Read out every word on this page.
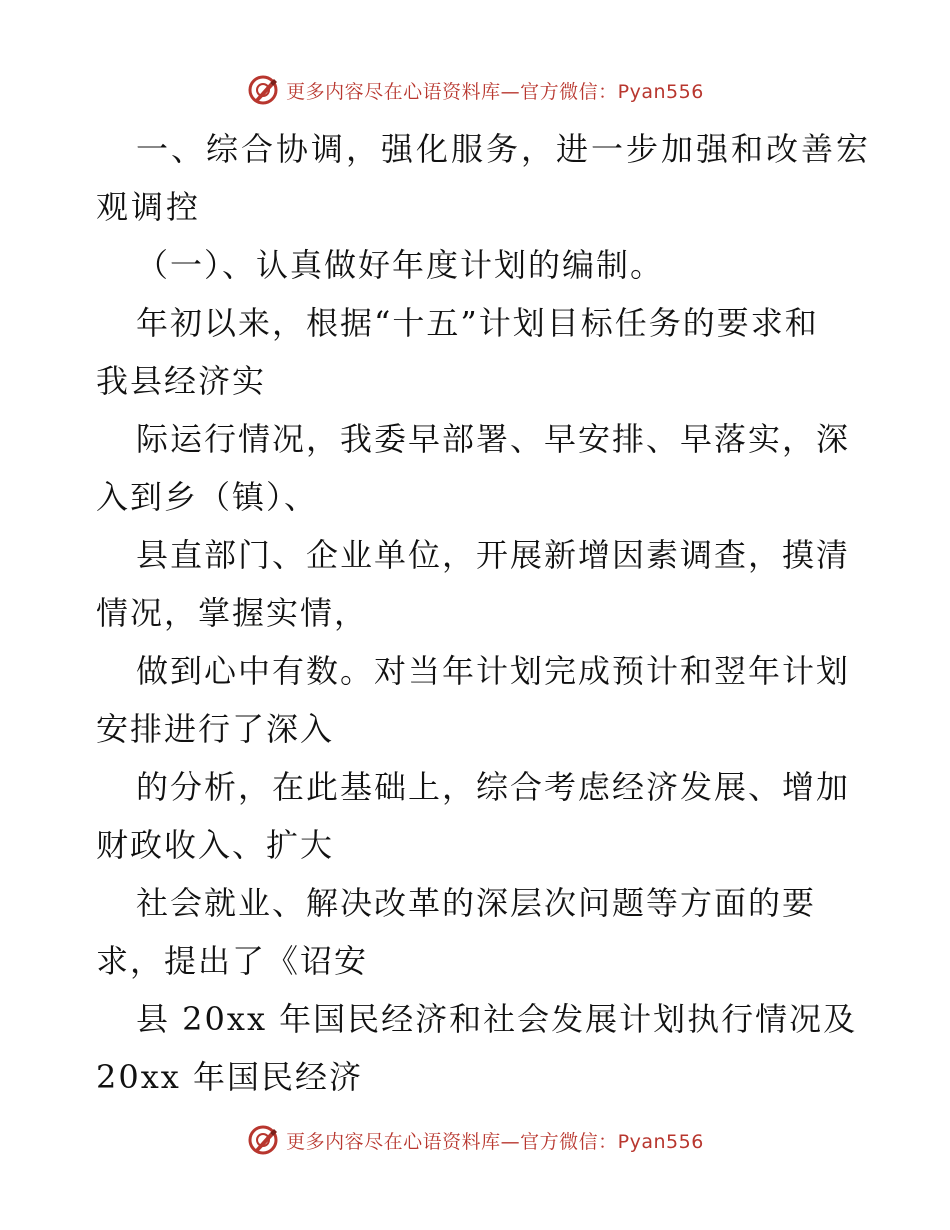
更多内容尽在心语资料库—官方微信：Pyan556
一、综合协调，强化服务，进一步加强和改善宏
观调控
（一）、认真做好年度计划的编制。
年初以来，根据“十五”计划目标任务的要求和
我县经济实
际运行情况，我委早部署、早安排、早落实，深
入到乡（镇）、
县直部门、企业单位，开展新增因素调查，摸清
情况，掌握实情，
做到心中有数。对当年计划完成预计和翌年计划
安排进行了深入
的分析，在此基础上，综合考虑经济发展、增加
财政收入、扩大
社会就业、解决改革的深层次问题等方面的要
求，提出了《诏安
县 20xx 年国民经济和社会发展计划执行情况及
20xx 年国民经济
更多内容尽在心语资料库—官方微信：Pyan556
